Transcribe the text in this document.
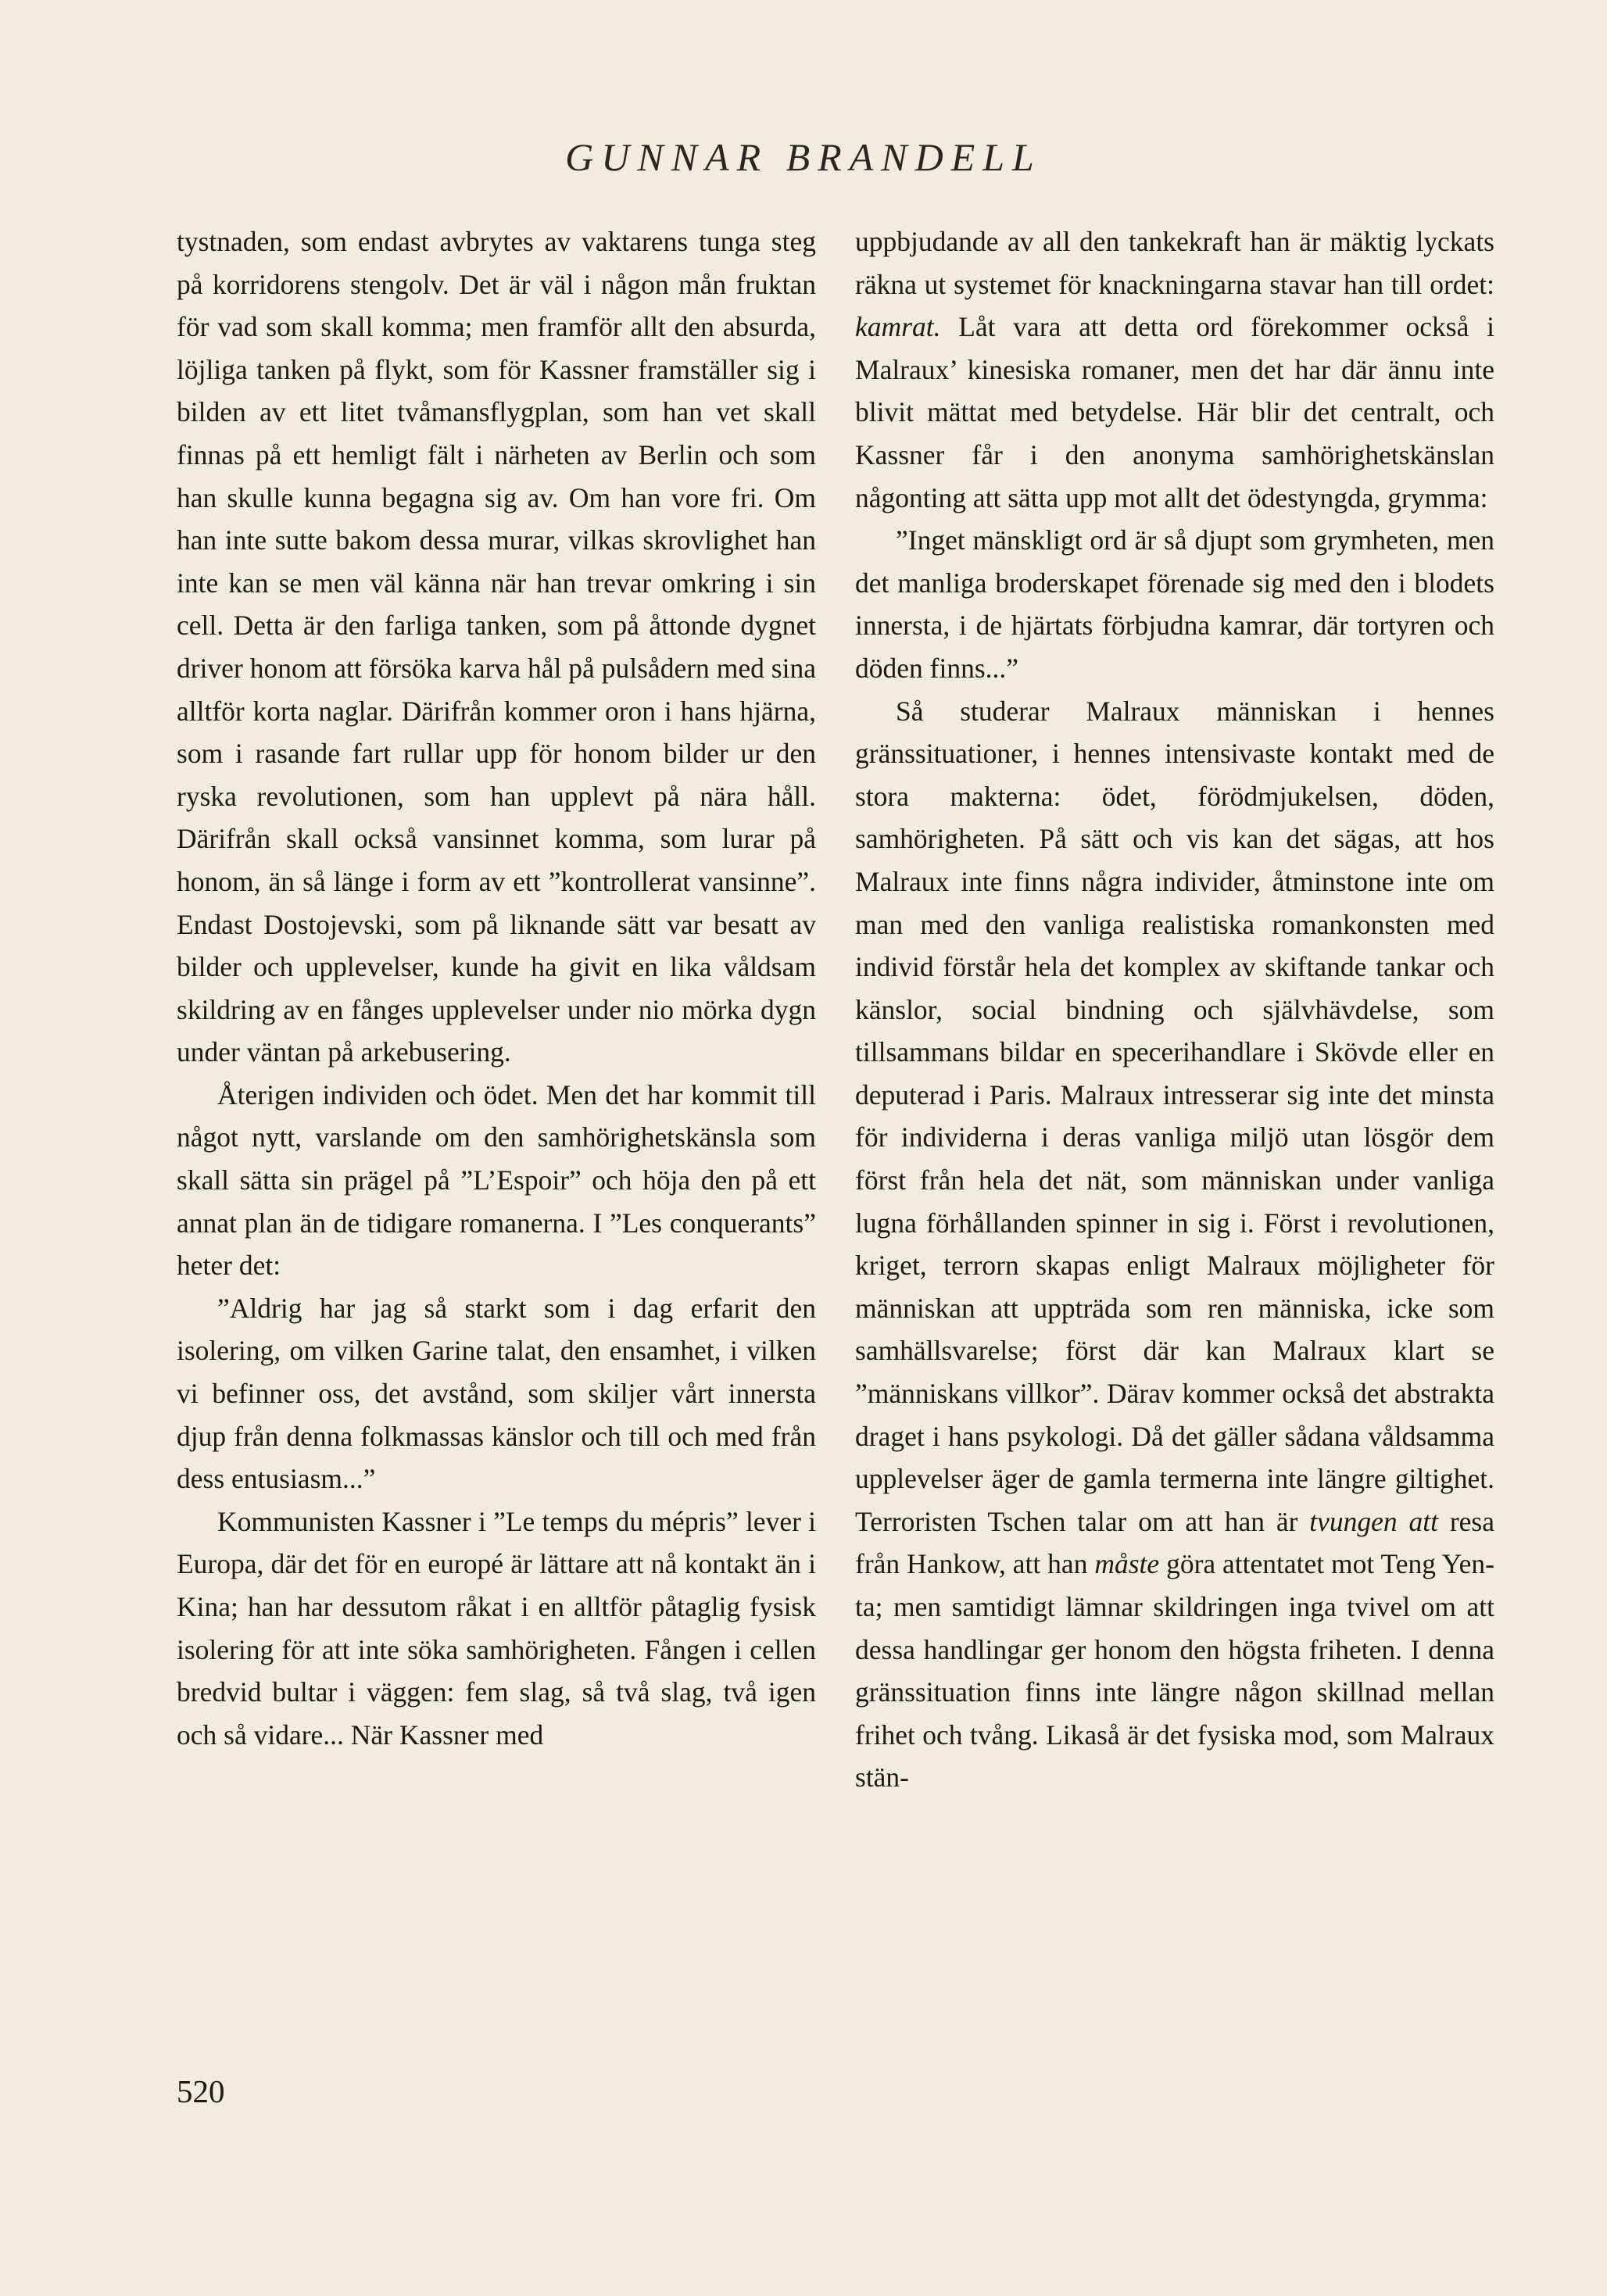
GUNNAR BRANDELL

tystnaden, som endast avbrytes av vaktarens tunga steg på korridorens stengolv. Det är väl i någon mån fruktan för vad som skall komma; men framför allt den absurda, löjliga tanken på flykt, som för Kassner framställer sig i bilden av ett litet tvåmansflygplan, som han vet skall finnas på ett hemligt fält i närheten av Berlin och som han skulle kunna begagna sig av. Om han vore fri. Om han inte sutte bakom dessa murar, vilkas skrovlighet han inte kan se men väl känna när han trevar omkring i sin cell. Detta är den farliga tanken, som på åttonde dygnet driver honom att försöka karva hål på pulsådern med sina alltför korta naglar. Därifrån kommer oron i hans hjärna, som i rasande fart rullar upp för honom bilder ur den ryska revolutionen, som han upplevt på nära håll. Därifrån skall också vansinnet komma, som lurar på honom, än så länge i form av ett ”kontrollerat vansinne”. Endast Dostojevski, som på liknande sätt var besatt av bilder och upplevelser, kunde ha givit en lika våldsam skildring av en fånges upplevelser under nio mörka dygn under väntan på arkebusering.

Återigen individen och ödet. Men det har kommit till något nytt, varslande om den samhörighetskänsla som skall sätta sin prägel på ”L’Espoir” och höja den på ett annat plan än de tidigare romanerna. I ”Les conquerants” heter det:

”Aldrig har jag så starkt som i dag erfarit den isolering, om vilken Garine talat, den ensamhet, i vilken vi befinner oss, det avstånd, som skiljer vårt innersta djup från denna folkmassas känslor och till och med från dess entusiasm...”

Kommunisten Kassner i ”Le temps du mépris” lever i Europa, där det för en europé är lättare att nå kontakt än i Kina; han har dessutom råkat i en alltför påtaglig fysisk isolering för att inte söka samhörigheten. Fången i cellen bredvid bultar i väggen: fem slag, så två slag, två igen och så vidare... När Kassner med

uppbjudande av all den tankekraft han är mäktig lyckats räkna ut systemet för knackningarna stavar han till ordet: kamrat. Låt vara att detta ord förekommer också i Malraux’ kinesiska romaner, men det har där ännu inte blivit mättat med betydelse. Här blir det centralt, och Kassner får i den anonyma samhörighetskänslan någonting att sätta upp mot allt det ödestyngda, grymma:

”Inget mänskligt ord är så djupt som grymheten, men det manliga broderskapet förenade sig med den i blodets innersta, i de hjärtats förbjudna kamrar, där tortyren och döden finns...”

Så studerar Malraux människan i hennes gränssituationer, i hennes intensivaste kontakt med de stora makterna: ödet, förödmjukelsen, döden, samhörigheten. På sätt och vis kan det sägas, att hos Malraux inte finns några individer, åtminstone inte om man med den vanliga realistiska romankonsten med individ förstår hela det komplex av skiftande tankar och känslor, social bindning och självhävdelse, som tillsammans bildar en specerihandlare i Skövde eller en deputerad i Paris. Malraux intresserar sig inte det minsta för individerna i deras vanliga miljö utan lösgör dem först från hela det nät, som människan under vanliga lugna förhållanden spinner in sig i. Först i revolutionen, kriget, terrorn skapas enligt Malraux möjligheter för människan att uppträda som ren människa, icke som samhällsvarelse; först där kan Malraux klart se ”människans villkor”. Därav kommer också det abstrakta draget i hans psykologi. Då det gäller sådana våldsamma upplevelser äger de gamla termerna inte längre giltighet. Terroristen Tschen talar om att han är tvungen att resa från Hankow, att han måste göra attentatet mot Teng Yen-ta; men samtidigt lämnar skildringen inga tvivel om att dessa handlingar ger honom den högsta friheten. I denna gränssituation finns inte längre någon skillnad mellan frihet och tvång. Likaså är det fysiska mod, som Malraux stän-

520
